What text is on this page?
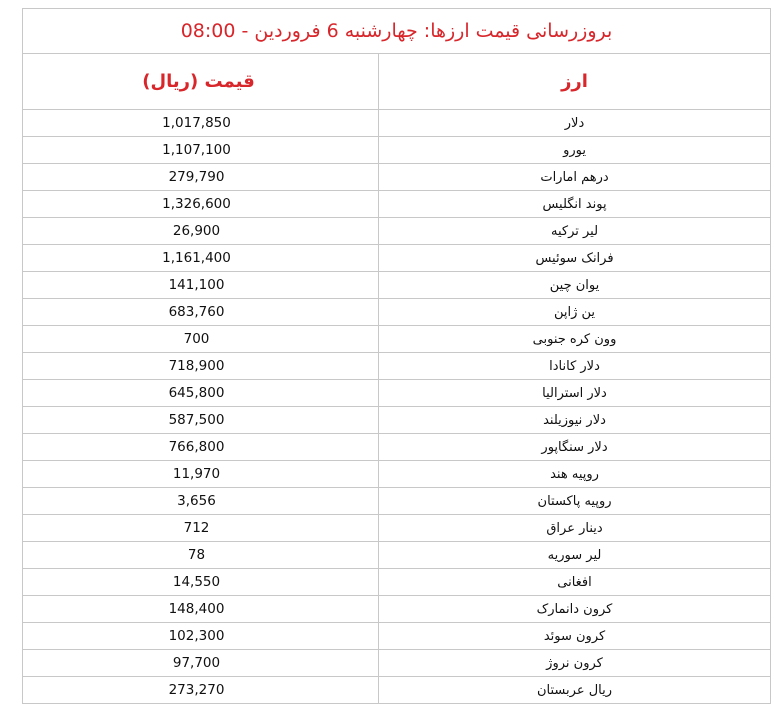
بروزرسانی قیمت ارزها: چهارشنبه 6 فروردین - 08:00	
ارز	قیمت (ریال)
دلار	1,017,850
یورو	1,107,100
درهم امارات	279,790
پوند انگلیس	1,326,600
لیر ترکیه	26,900
فرانک سوئیس	1,161,400
یوان چین	141,100
ین ژاپن	683,760
وون کره جنوبی	700
دلار کانادا	718,900
دلار استرالیا	645,800
دلار نیوزیلند	587,500
دلار سنگاپور	766,800
روپیه هند	11,970
روپیه پاکستان	3,656
دینار عراق	712
لیر سوریه	78
افغانی	14,550
کرون دانمارک	148,400
کرون سوئد	102,300
کرون نروژ	97,700
ریال عربستان	273,270
